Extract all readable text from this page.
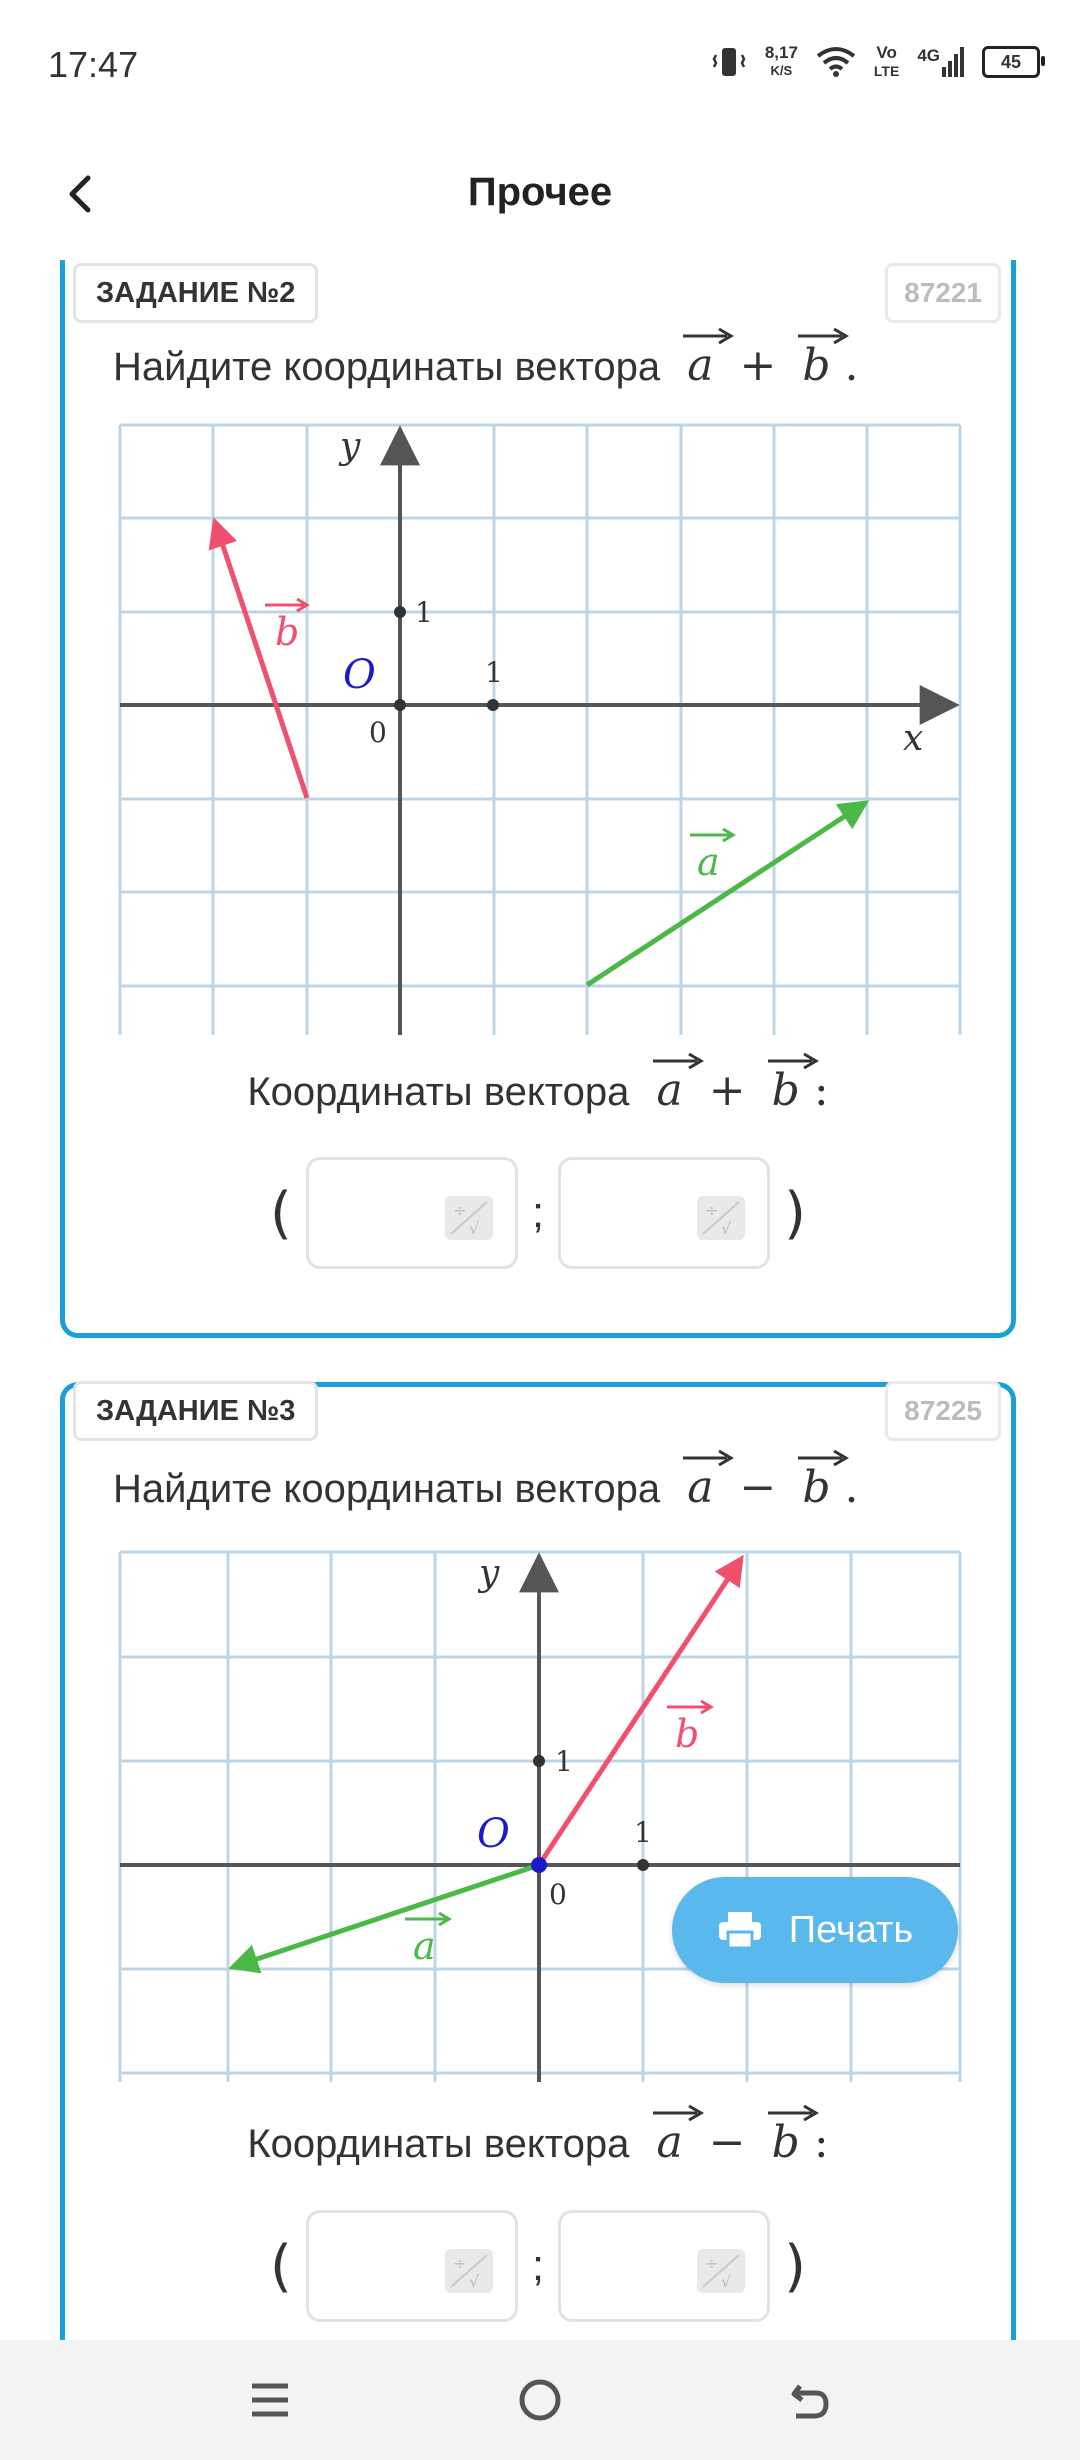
17:47	8,17
K/S
Vo
LTE
4G	45
Прочее
ЗАДАНИЕ №2	87221
Найдите координаты вектора a + b .
x
y
O
0
1
1
b
a
Координаты вектора a + b :
(	÷
√ ;	÷
√ )
ЗАДАНИЕ №3	87225
Найдите координаты вектора a − b .
y
O
0
1
1
b
a
Координаты вектора a − b :
(	÷
√ ;	÷
√ )
Печать
